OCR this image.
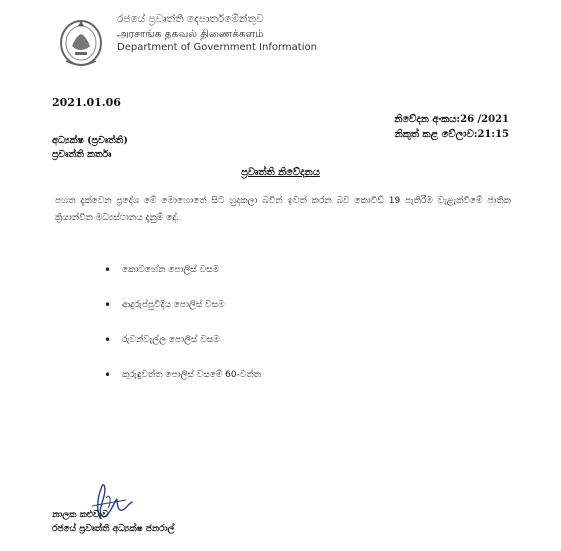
රජයේ ප්‍රවෘත්ති දෙපාර්තමේන්තුව
அரசாங்க தகவல் திணைக்களம்
Department of Government Information
2021.01.06
නිවේදන අංකය:26 /2021
නිකුත් කළ වේලාව:21:15
අධ්‍යක්ෂ (ප්‍රවෘත්ති)
ප්‍රවෘත්ති කර්තෘ
ප්‍රවෘත්ති නිවේදනය
පහත දැක්වෙන ප්‍රදේශ මේ මොහොතේ සිට හුදකලා බවින් ඉවත් කරන බව කොවිඩ් 19 පැතිරීම වැළැක්වීමේ ජාතික ක්‍රියාන්විත මධ්‍යස්ථානය දැනුම් දේ.
• කොටහේන පොලිස් වසම
• ආදුරුප්පුවීදිය පොලිස් වසම
• රුවන්වැල්ල පොලිස් වසම
• කුරුඳුවත්ත පොලිස් වසමේ 60-වත්ත
නාලක කළුවැව
රජයේ ප්‍රවෘත්ති අධ්‍යක්ෂ ජනරාල්
